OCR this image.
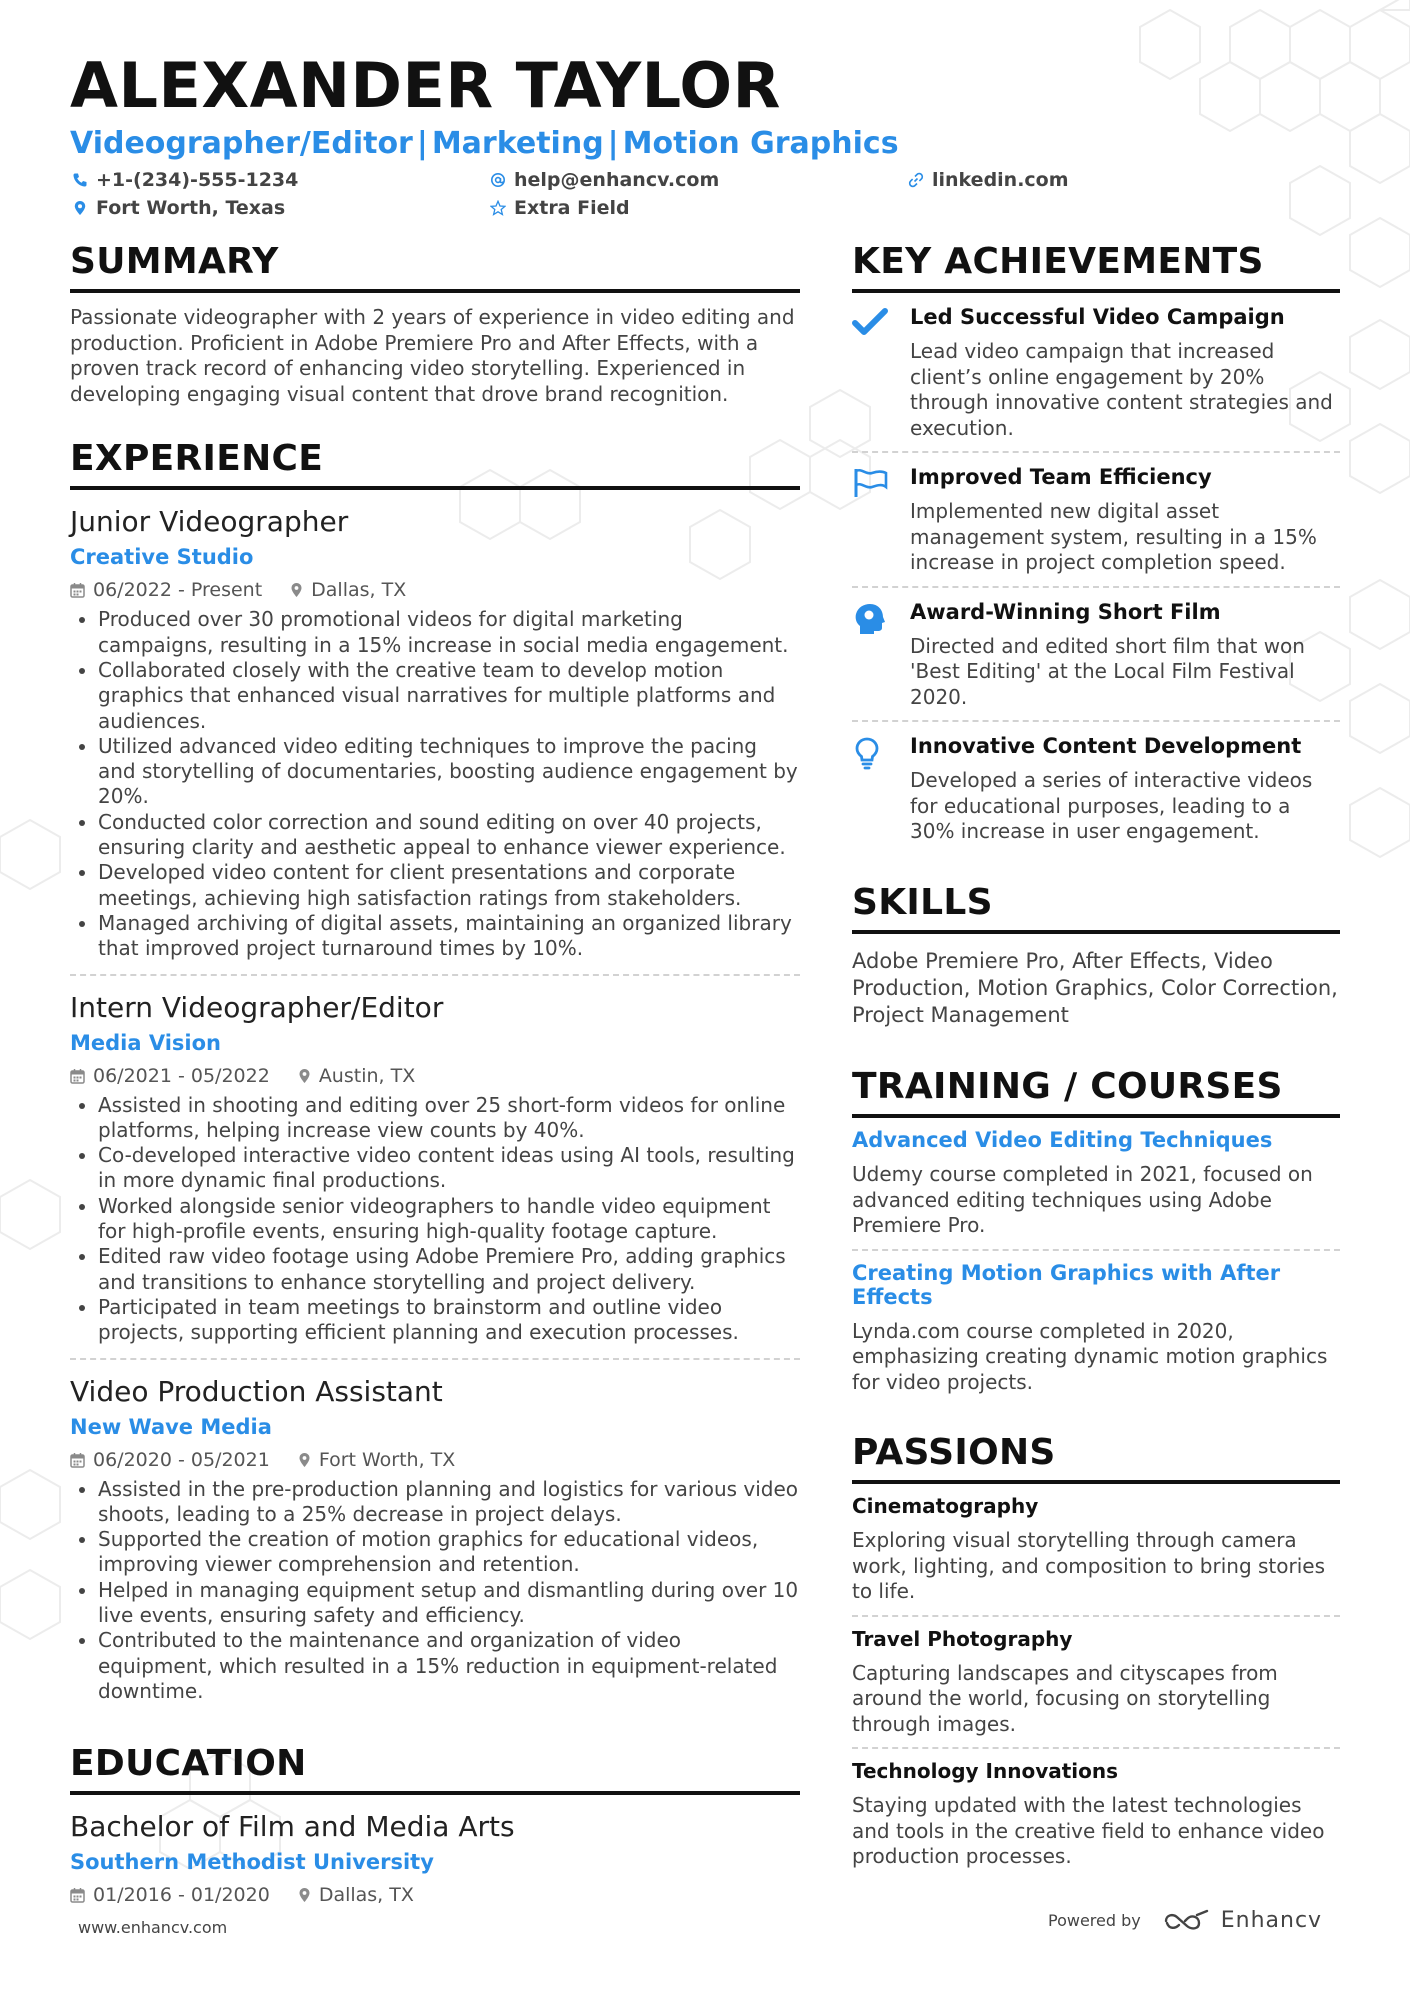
ALEXANDER TAYLOR
Videographer/Editor | Marketing | Motion Graphics
+1-(234)-555-1234	help@enhancv.com	linkedin.com
Fort Worth, Texas	Extra Field
SUMMARY
Passionate videographer with 2 years of experience in video editing and production. Proficient in Adobe Premiere Pro and After Effects, with a proven track record of enhancing video storytelling. Experienced in developing engaging visual content that drove brand recognition.
EXPERIENCE
Junior Videographer
Creative Studio
06/2022 - Present	Dallas, TX
• Produced over 30 promotional videos for digital marketing campaigns, resulting in a 15% increase in social media engagement.
• Collaborated closely with the creative team to develop motion graphics that enhanced visual narratives for multiple platforms and audiences.
• Utilized advanced video editing techniques to improve the pacing and storytelling of documentaries, boosting audience engagement by 20%.
• Conducted color correction and sound editing on over 40 projects, ensuring clarity and aesthetic appeal to enhance viewer experience.
• Developed video content for client presentations and corporate meetings, achieving high satisfaction ratings from stakeholders.
• Managed archiving of digital assets, maintaining an organized library that improved project turnaround times by 10%.
Intern Videographer/Editor
Media Vision
06/2021 - 05/2022	Austin, TX
• Assisted in shooting and editing over 25 short-form videos for online platforms, helping increase view counts by 40%.
• Co-developed interactive video content ideas using AI tools, resulting in more dynamic final productions.
• Worked alongside senior videographers to handle video equipment for high-profile events, ensuring high-quality footage capture.
• Edited raw video footage using Adobe Premiere Pro, adding graphics and transitions to enhance storytelling and project delivery.
• Participated in team meetings to brainstorm and outline video projects, supporting efficient planning and execution processes.
Video Production Assistant
New Wave Media
06/2020 - 05/2021	Fort Worth, TX
• Assisted in the pre-production planning and logistics for various video shoots, leading to a 25% decrease in project delays.
• Supported the creation of motion graphics for educational videos, improving viewer comprehension and retention.
• Helped in managing equipment setup and dismantling during over 10 live events, ensuring safety and efficiency.
• Contributed to the maintenance and organization of video equipment, which resulted in a 15% reduction in equipment-related downtime.
EDUCATION
Bachelor of Film and Media Arts
Southern Methodist University
01/2016 - 01/2020	Dallas, TX
KEY ACHIEVEMENTS
Led Successful Video Campaign
Lead video campaign that increased client’s online engagement by 20% through innovative content strategies and execution.
Improved Team Efficiency
Implemented new digital asset management system, resulting in a 15% increase in project completion speed.
Award-Winning Short Film
Directed and edited short film that won 'Best Editing' at the Local Film Festival 2020.
Innovative Content Development
Developed a series of interactive videos for educational purposes, leading to a 30% increase in user engagement.
SKILLS
Adobe Premiere Pro, After Effects, Video Production, Motion Graphics, Color Correction, Project Management
TRAINING / COURSES
Advanced Video Editing Techniques
Udemy course completed in 2021, focused on advanced editing techniques using Adobe Premiere Pro.
Creating Motion Graphics with After Effects
Lynda.com course completed in 2020, emphasizing creating dynamic motion graphics for video projects.
PASSIONS
Cinematography
Exploring visual storytelling through camera work, lighting, and composition to bring stories to life.
Travel Photography
Capturing landscapes and cityscapes from around the world, focusing on storytelling through images.
Technology Innovations
Staying updated with the latest technologies and tools in the creative field to enhance video production processes.
www.enhancv.com	Powered by	Enhancv
